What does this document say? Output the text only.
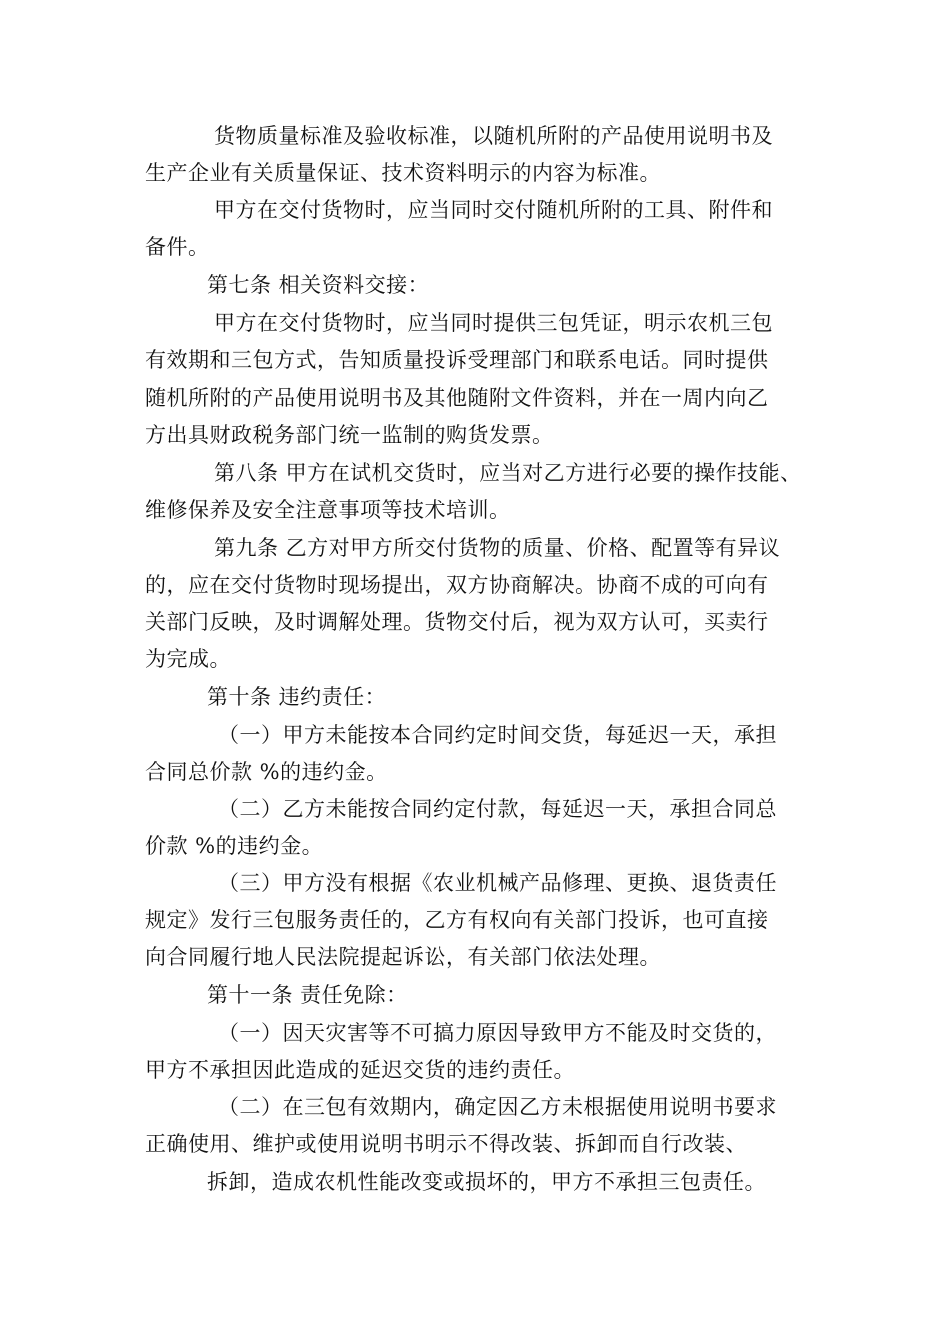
货物质量标准及验收标准，以随机所附的产品使用说明书及
生产企业有关质量保证、技术资料明示的内容为标准。
甲方在交付货物时，应当同时交付随机所附的工具、附件和
备件。
第七条 相关资料交接：
甲方在交付货物时，应当同时提供三包凭证，明示农机三包
有效期和三包方式，告知质量投诉受理部门和联系电话。同时提供
随机所附的产品使用说明书及其他随附文件资料，并在一周内向乙
方出具财政税务部门统一监制的购货发票。
第八条 甲方在试机交货时，应当对乙方进行必要的操作技能、
维修保养及安全注意事项等技术培训。
第九条 乙方对甲方所交付货物的质量、价格、配置等有异议
的，应在交付货物时现场提出，双方协商解决。协商不成的可向有
关部门反映，及时调解处理。货物交付后，视为双方认可，买卖行
为完成。
第十条 违约责任：
（一）甲方未能按本合同约定时间交货，每延迟一天，承担
合同总价款 %的违约金。
（二）乙方未能按合同约定付款，每延迟一天，承担合同总
价款 %的违约金。
（三）甲方没有根据《农业机械产品修理、更换、退货责任
规定》发行三包服务责任的，乙方有权向有关部门投诉，也可直接
向合同履行地人民法院提起诉讼，有关部门依法处理。
第十一条 责任免除：
（一）因天灾害等不可搞力原因导致甲方不能及时交货的，
甲方不承担因此造成的延迟交货的违约责任。
（二）在三包有效期内，确定因乙方未根据使用说明书要求
正确使用、维护或使用说明书明示不得改装、拆卸而自行改装、
拆卸，造成农机性能改变或损坏的，甲方不承担三包责任。
